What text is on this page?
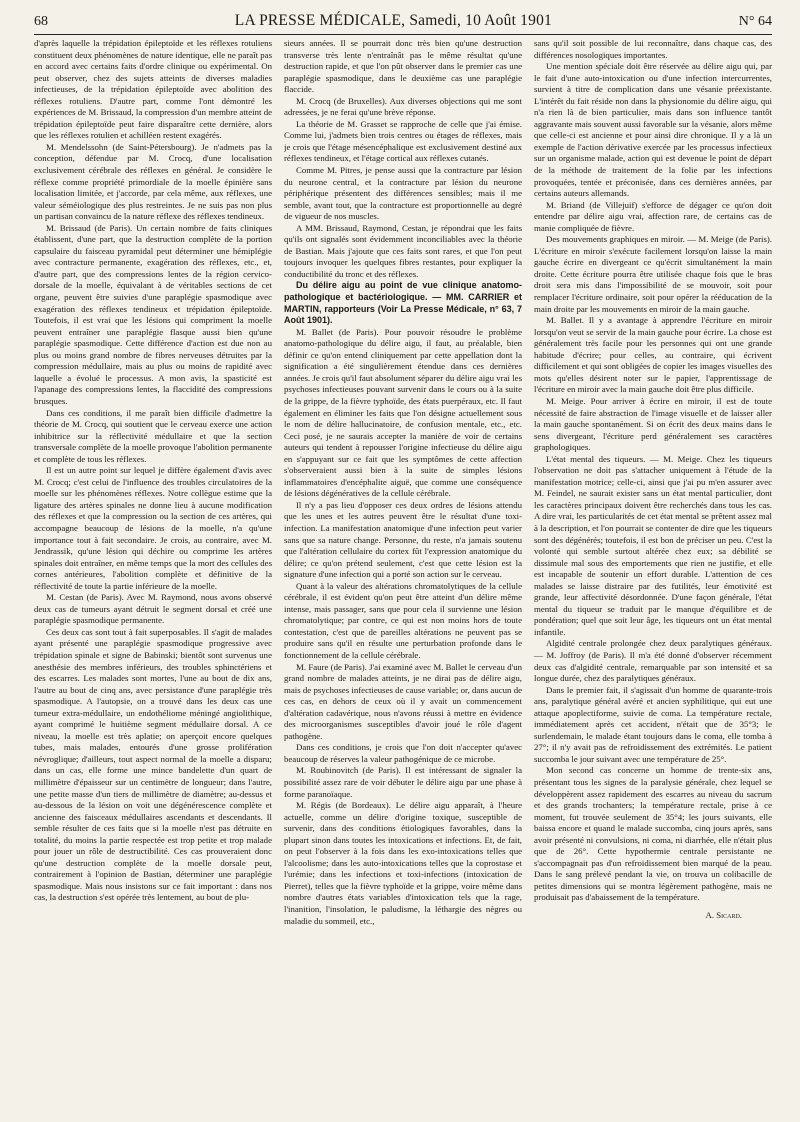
68	LA PRESSE MÉDICALE, Samedi, 10 Août 1901	N° 64

d'après laquelle la trépidation épileptoïde et les réflexes rotuliens constituent deux phénomènes de nature identique, elle ne paraît pas en accord avec certains faits d'ordre clinique ou expérimental. On peut observer, chez des sujets atteints de diverses maladies infectieuses, de la trépidation épileptoïde avec abolition des réflexes rotuliens. D'autre part, comme l'ont démontré les expériences de M. Brissaud, la compression d'un membre atteint de trépidation épileptoïde peut faire disparaître cette dernière, alors que les réflexes rotulien et achilléen restent exagérés.

M. Mendelssohn (de Saint-Pétersbourg). Je n'admets pas la conception, défendue par M. Crocq, d'une localisation exclusivement cérébrale des réflexes en général. Je considère le réflexe comme propriété primordiale de la moelle épinière sans localisation limitée, et j'accorde, par cela même, aux réflexes, une valeur séméiologique des plus restreintes. Je ne suis pas non plus un partisan convaincu de la nature réflexe des réflexes tendineux.

M. Brissaud (de Paris). Un certain nombre de faits cliniques établissent, d'une part, que la destruction complète de la portion capsulaire du faisceau pyramidal peut déterminer une hémiplégie avec contracture permanente, exagération des réflexes, etc., et, d'autre part, que des compressions lentes de la région cervico-dorsale de la moelle, équivalant à de véritables sections de cet organe, peuvent être suivies d'une paraplégie spasmodique avec exagération des réflexes tendineux et trépidation épileptoïde. Toutefois, il est vrai que les lésions qui compriment la moelle peuvent entraîner une paraplégie flasque aussi bien qu'une paraplégie spasmodique. Cette différence d'action est due non au plus ou moins grand nombre de fibres nerveuses détruites par la compression médullaire, mais au plus ou moins de rapidité avec laquelle a évolué le processus. A mon avis, la spasticité est l'apanage des compressions lentes, la flaccidité des compressions brusques.

Dans ces conditions, il me paraît bien difficile d'admettre la théorie de M. Crocq, qui soutient que le cerveau exerce une action inhibitrice sur la réflectivité médullaire et que la section transversale complète de la moelle provoque l'abolition permanente et complète de tous les réflexes.

Il est un autre point sur lequel je diffère également d'avis avec M. Crocq; c'est celui de l'influence des troubles circulatoires de la moelle sur les phénomènes réflexes. Notre collègue estime que la ligature des artères spinales ne donne lieu à aucune modification des réflexes et que la compression ou la section de ces artères, qui accompagne beaucoup de lésions de la moelle, n'a qu'une importance tout à fait secondaire. Je crois, au contraire, avec M. Jendrassik, qu'une lésion qui déchire ou comprime les artères spinales doit entraîner, en même temps que la mort des cellules des cornes antérieures, l'abolition complète et définitive de la réflectivité de toute la partie inférieure de la moelle.

M. Cestan (de Paris). Avec M. Raymond, nous avons observé deux cas de tumeurs ayant détruit le segment dorsal et créé une paraplégie spasmodique permanente.

Ces deux cas sont tout à fait superposables. Il s'agit de malades ayant présenté une paraplégie spasmodique progressive avec trépidation spinale et signe de Babinski; bientôt sont survenus une anesthésie des membres inférieurs, des troubles sphinctériens et des escarres. Les malades sont mortes, l'une au bout de dix ans, l'autre au bout de cinq ans, avec persistance d'une paraplégie très spasmodique. A l'autopsie, on a trouvé dans les deux cas une tumeur extra-médullaire, un endothéliome méningé angiolithique, ayant comprimé le huitième segment médullaire dorsal. A ce niveau, la moelle est très aplatie; on aperçoit encore quelques tubes, mais malades, entourés d'une grosse prolifération névroglique; d'ailleurs, tout aspect normal de la moelle a disparu; dans un cas, elle forme une mince bandelette d'un quart de millimètre d'épaisseur sur un centimètre de longueur; dans l'autre, une petite masse d'un tiers de millimètre de diamètre; au-dessus et au-dessous de la lésion on voit une dégénérescence complète et ancienne des faisceaux médullaires ascendants et descendants. Il semble résulter de ces faits que si la moelle n'est pas détruite en totalité, du moins la partie respectée est trop petite et trop malade pour jouer un rôle de destructibilité. Ces cas prouveraient donc qu'une destruction complète de la moelle dorsale peut, contrairement à l'opinion de Bastian, déterminer une paraplégie spasmodique. Mais nous insistons sur ce fait important : dans nos cas, la destruction s'est opérée très lentement, au bout de plu-

sieurs années. Il se pourrait donc très bien qu'une destruction transverse très lente n'entraînât pas le même résultat qu'une destruction rapide, et que l'on pût observer dans le premier cas une paraplégie spasmodique, dans le deuxième cas une paraplégie flaccide.

M. Crocq (de Bruxelles). Aux diverses objections qui me sont adressées, je ne ferai qu'une brève réponse.

La théorie de M. Grasset se rapproche de celle que j'ai émise. Comme lui, j'admets bien trois centres ou étages de réflexes, mais je crois que l'étage mésencéphalique est exclusivement destiné aux réflexes tendineux, et l'étage cortical aux réflexes cutanés.

Comme M. Pitres, je pense aussi que la contracture par lésion du neurone central, et la contracture par lésion du neurone périphérique présentent des différences sensibles; mais il me semble, avant tout, que la contracture est proportionnelle au degré de vigueur de nos muscles.

A MM. Brissaud, Raymond, Cestan, je répondrai que les faits qu'ils ont signalés sont évidemment inconciliables avec la théorie de Bastian. Mais j'ajoute que ces faits sont rares, et que l'on peut toujours invoquer les quelques fibres restantes, pour expliquer la conductibilité du tronc et des réflexes.

Du délire aigu au point de vue clinique anatomo-pathologique et bactériologique. — MM. CARRIER et MARTIN, rapporteurs (Voir La Presse Médicale, n° 63, 7 Août 1901).

M. Ballet (de Paris). Pour pouvoir résoudre le problème anatomo-pathologique du délire aigu, il faut, au préalable, bien définir ce qu'on entend cliniquement par cette appellation dont la signification a été singulièrement étendue dans ces dernières années. Je crois qu'il faut absolument séparer du délire aigu vrai les psychoses infectieuses pouvant survenir dans le cours ou à la suite de la grippe, de la fièvre typhoïde, des états puerpéraux, etc. Il faut également en éliminer les faits que l'on désigne actuellement sous le nom de délire hallucinatoire, de confusion mentale, etc., etc. Ceci posé, je ne saurais accepter la manière de voir de certains auteurs qui tendent à repousser l'origine infectieuse du délire aigu en s'appuyant sur ce fait que les symptômes de cette affection s'observeraient aussi bien à la suite de simples lésions inflammatoires d'encéphalite aiguë, que comme une conséquence de lésions dégénératives de la cellule cérébrale.

Il n'y a pas lieu d'opposer ces deux ordres de lésions attendu que les unes et les autres peuvent être le résultat d'une toxi-infection. La manifestation anatomique d'une infection peut varier sans que sa nature change. Personne, du reste, n'a jamais soutenu que l'altération cellulaire du cortex fût l'expression anatomique du délire; ce qu'on prétend seulement, c'est que cette lésion est la signature d'une infection qui a porté son action sur le cerveau.

Quant à la valeur des altérations chromatolytiques de la cellule cérébrale, il est évident qu'on peut être atteint d'un délire même intense, mais passager, sans que pour cela il survienne une lésion chromatolytique; par contre, ce qui est non moins hors de toute contestation, c'est que de pareilles altérations ne peuvent pas se produire sans qu'il en résulte une perturbation profonde dans le fonctionnement de la cellule cérébrale.

M. Faure (de Paris). J'ai examiné avec M. Ballet le cerveau d'un grand nombre de malades atteints, je ne dirai pas de délire aigu, mais de psychoses infectieuses de cause variable; or, dans aucun de ces cas, en dehors de ceux où il y avait un commencement d'altération cadavérique, nous n'avons réussi à mettre en évidence des microorganismes susceptibles d'avoir joué le rôle d'agent pathogène.

Dans ces conditions, je crois que l'on doit n'accepter qu'avec beaucoup de réserves la valeur pathogénique de ce microbe.

M. Roubinovitch (de Paris). Il est intéressant de signaler la possibilité assez rare de voir débuter le délire aigu par une phase à forme paranoïaque.

M. Régis (de Bordeaux). Le délire aigu apparaît, à l'heure actuelle, comme un délire d'origine toxique, susceptible de survenir, dans des conditions étiologiques favorables, dans la plupart sinon dans toutes les intoxications et infections. Et, de fait, on peut l'observer à la fois dans les exo-intoxications telles que l'alcoolisme; dans les auto-intoxications telles que la coprostase et l'urémie; dans les infections et toxi-infections (intoxication de Pierret), telles que la fièvre typhoïde et la grippe, voire même dans nombre d'autres états variables d'intoxication tels que la rage, l'inanition, l'insolation, le paludisme, la léthargie des nègres ou maladie du sommeil, etc.,

sans qu'il soit possible de lui reconnaître, dans chaque cas, des différences nosologiques importantes.

Une mention spéciale doit être réservée au délire aigu qui, par le fait d'une auto-intoxication ou d'une infection intercurrentes, survient à titre de complication dans une vésanie préexistante. L'intérêt du fait réside non dans la physionomie du délire aigu, qui n'a rien là de bien particulier, mais dans son influence tantôt aggravante mais souvent aussi favorable sur la vésanie, alors même que celle-ci est ancienne et pour ainsi dire chronique. Il y a là un exemple de l'action dérivative exercée par les processus infectieux sur un organisme malade, action qui est devenue le point de départ de la méthode de traitement de la folie par les infections provoquées, tentée et préconisée, dans ces dernières années, par certains auteurs allemands.

M. Briand (de Villejuif) s'efforce de dégager ce qu'on doit entendre par délire aigu vrai, affection rare, de certains cas de manie compliquée de fièvre.

Des mouvements graphiques en miroir. — M. Meige (de Paris). L'écriture en miroir s'exécute facilement lorsqu'on laisse la main gauche écrire en divergeant ce qu'écrit simultanément la main droite. Cette écriture pourra être utilisée chaque fois que le bras droit sera mis dans l'impossibilité de se mouvoir, soit pour remplacer l'écriture ordinaire, soit pour opérer la rééducation de la main droite par les mouvements en miroir de la main gauche.

M. Ballet. Il y a avantage à apprendre l'écriture en miroir lorsqu'on veut se servir de la main gauche pour écrire. La chose est généralement très facile pour les personnes qui ont une grande habitude d'écrire; pour celles, au contraire, qui écrivent difficilement et qui sont obligées de copier les images visuelles des mots qu'elles désirent noter sur le papier, l'apprentissage de l'écriture en miroir avec la main gauche doit être plus difficile.

M. Meige. Pour arriver à écrire en miroir, il est de toute nécessité de faire abstraction de l'image visuelle et de laisser aller la main gauche spontanément. Si on écrit des deux mains dans le sens divergeant, l'écriture perd généralement ses caractères graphologiques.

L'état mental des tiqueurs. — M. Meige. Chez les tiqueurs l'observation ne doit pas s'attacher uniquement à l'étude de la manifestation motrice; celle-ci, ainsi que j'ai pu m'en assurer avec M. Feindel, ne saurait exister sans un état mental particulier, dont les caractères principaux doivent être recherchés dans tous les cas. A dire vrai, les particularités de cet état mental se prêtent assez mal à la description, et l'on pourrait se contenter de dire que les tiqueurs sont des dégénérés; toutefois, il est bon de préciser un peu. C'est la volonté qui semble surtout altérée chez eux; sa débilité se dissimule mal sous des emportements que rien ne justifie, et elle est incapable de soutenir un effort durable. L'attention de ces malades se laisse distraire par des futilités, leur émotivité est grande, leur affectivité désordonnée. D'une façon générale, l'état mental du tiqueur se traduit par le manque d'équilibre et de pondération; quel que soit leur âge, les tiqueurs ont un état mental infantile.

Algidité centrale prolongée chez deux paralytiques généraux. — M. Joffroy (de Paris). Il m'a été donné d'observer récemment deux cas d'algidité centrale, remarquable par son intensité et sa longue durée, chez des paralytiques généraux.

Dans le premier fait, il s'agissait d'un homme de quarante-trois ans, paralytique général avéré et ancien syphilitique, qui eut une attaque apoplectiforme, suivie de coma. La température rectale, immédiatement après cet accident, n'était que de 35°3; le surlendemain, le malade étant toujours dans le coma, elle tomba à 27°; il n'y avait pas de refroidissement des extrémités. Le patient succomba le jour suivant avec une température de 25°.

Mon second cas concerne un homme de trente-six ans, présentant tous les signes de la paralysie générale, chez lequel se développèrent assez rapidement des escarres au niveau du sacrum et des grands trochanters; la température rectale, prise à ce moment, fut trouvée seulement de 35°4; les jours suivants, elle baissa encore et quand le malade succomba, cinq jours après, sans avoir présenté ni convulsions, ni coma, ni diarrhée, elle n'était plus que de 26°. Cette hypothermie centrale persistante ne s'accompagnait pas d'un refroidissement bien marqué de la peau. Dans le sang prélevé pendant la vie, on trouva un colibacille de petites dimensions qui se montra légèrement pathogène, mais ne produisait pas d'abaissement de la température.

A. Sicard.
